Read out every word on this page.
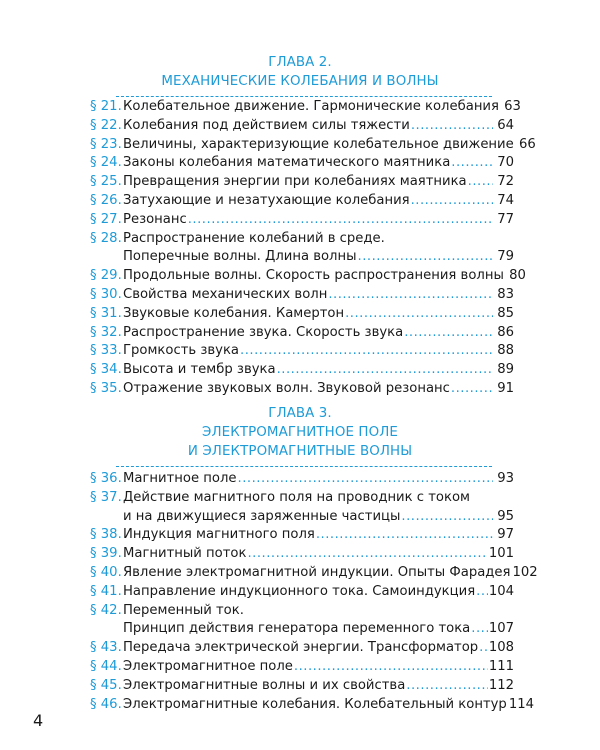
ГЛАВА 2.
МЕХАНИЧЕСКИЕ КОЛЕБАНИЯ И ВОЛНЫ
§ 21. Колебательное движение. Гармонические колебания 63
§ 22. Колебания под действием силы тяжести .....	64
§ 23. Величины, характеризующие колебательное движение 66
§ 24. Законы колебания математического маятника .....	70
§ 25. Превращения энергии при колебаниях маятника ..... 72
§ 26. Затухающие и незатухающие колебания .....	74
§ 27. Резонанс .....	77
§ 28. Распространение колебаний в среде.
Поперечные волны. Длина волны .....	79
§ 29. Продольные волны. Скорость распространения волны 80
§ 30. Свойства механических волн .....	83
§ 31. Звуковые колебания. Камертон .....	85
§ 32. Распространение звука. Скорость звука .....	86
§ 33. Громкость звука .....	88
§ 34. Высота и тембр звука .....	89
§ 35. Отражение звуковых волн. Звуковой резонанс .....	91
ГЛАВА 3.
ЭЛЕКТРОМАГНИТНОЕ ПОЛЕ
И ЭЛЕКТРОМАГНИТНЫЕ ВОЛНЫ
§ 36. Магнитное поле .....	93
§ 37. Действие магнитного поля на проводник с током
и на движущиеся заряженные частицы .....	95
§ 38. Индукция магнитного поля .....	97
§ 39. Магнитный поток .....	101
§ 40. Явление электромагнитной индукции. Опыты Фарадея 102
§ 41. Направление индукционного тока. Самоиндукция ..... 104
§ 42. Переменный ток.
Принцип действия генератора переменного тока ..... 107
§ 43. Передача электрической энергии. Трансформатор ..... 108
§ 44. Электромагнитное поле .....	111
§ 45. Электромагнитные волны и их свойства .....	112
§ 46. Электромагнитные колебания. Колебательный контур 114
4
